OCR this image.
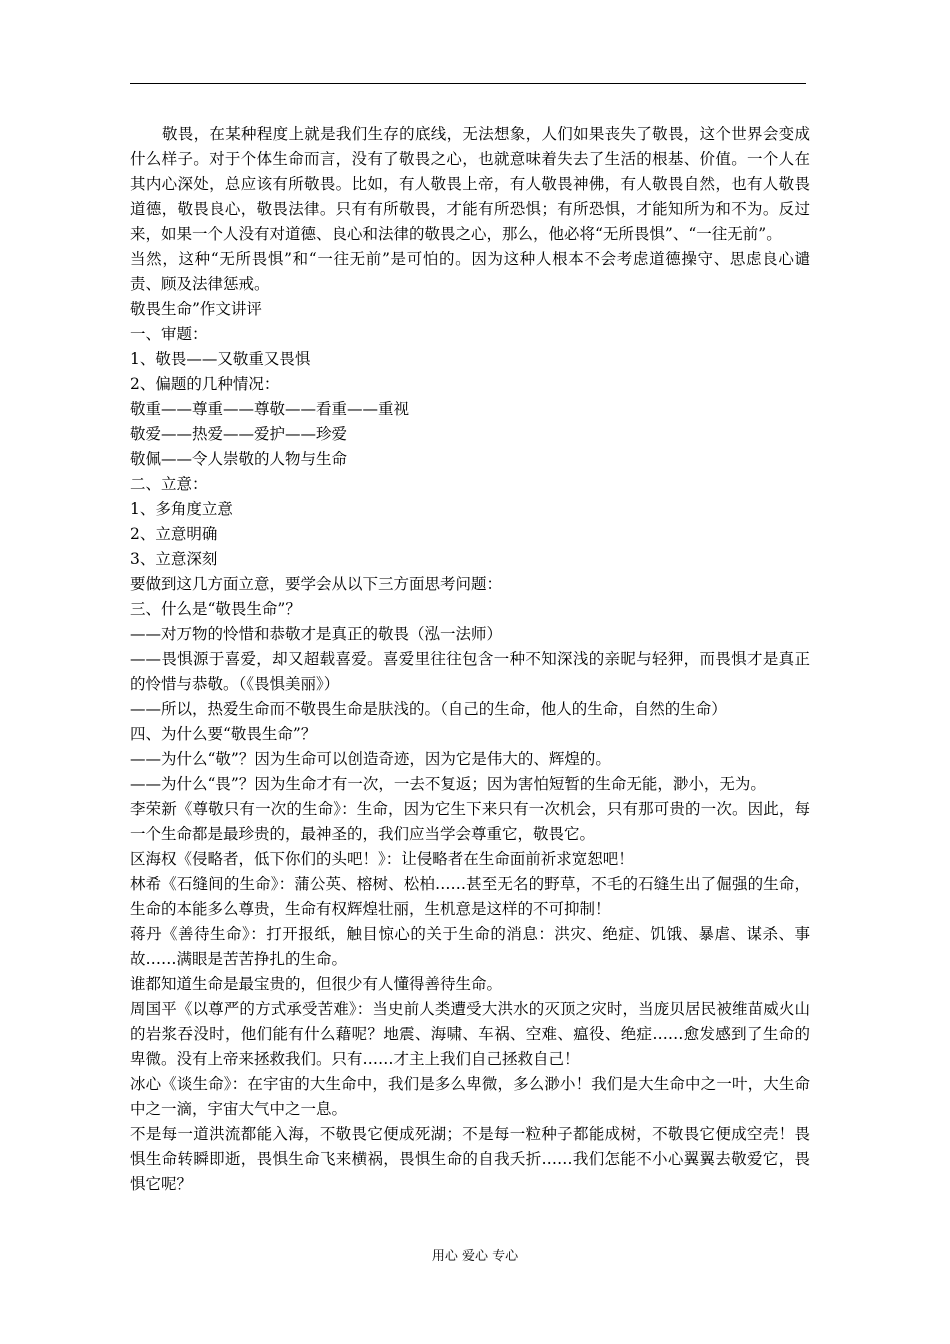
敬畏，在某种程度上就是我们生存的底线，无法想象，人们如果丧失了敬畏，这个世界会变成什么样子。对于个体生命而言，没有了敬畏之心，也就意味着失去了生活的根基、价值。一个人在其内心深处，总应该有所敬畏。比如，有人敬畏上帝，有人敬畏神佛，有人敬畏自然，也有人敬畏道德，敬畏良心，敬畏法律。只有有所敬畏，才能有所恐惧；有所恐惧，才能知所为和不为。反过来，如果一个人没有对道德、良心和法律的敬畏之心，那么，他必将“无所畏惧”、“一往无前”。

当然，这种“无所畏惧”和“一往无前”是可怕的。因为这种人根本不会考虑道德操守、思虑良心谴责、顾及法律惩戒。

敬畏生命”作文讲评

一、审题：

1、敬畏——又敬重又畏惧

2、偏题的几种情况：

敬重——尊重——尊敬——看重——重视

敬爱——热爱——爱护——珍爱

敬佩——令人崇敬的人物与生命

二、立意：

1、多角度立意

2、立意明确

3、立意深刻

要做到这几方面立意，要学会从以下三方面思考问题：

三、什么是“敬畏生命”？

——对万物的怜惜和恭敬才是真正的敬畏（泓一法师）

——畏惧源于喜爱，却又超载喜爱。喜爱里往往包含一种不知深浅的亲昵与轻狎，而畏惧才是真正的怜惜与恭敬。（《畏惧美丽》）

——所以，热爱生命而不敬畏生命是肤浅的。（自己的生命，他人的生命，自然的生命）

四、为什么要“敬畏生命”？

——为什么“敬”？因为生命可以创造奇迹，因为它是伟大的、辉煌的。

——为什么“畏”？因为生命才有一次，一去不复返；因为害怕短暂的生命无能，渺小，无为。

李荣新《尊敬只有一次的生命》：生命，因为它生下来只有一次机会，只有那可贵的一次。因此，每一个生命都是最珍贵的，最神圣的，我们应当学会尊重它，敬畏它。

区海权《侵略者，低下你们的头吧！》：让侵略者在生命面前祈求宽恕吧！

林希《石缝间的生命》：蒲公英、榕树、松柏……甚至无名的野草，不毛的石缝生出了倔强的生命，生命的本能多么尊贵，生命有权辉煌壮丽，生机意是这样的不可抑制！

蒋丹《善待生命》：打开报纸，触目惊心的关于生命的消息：洪灾、绝症、饥饿、暴虐、谋杀、事故……满眼是苦苦挣扎的生命。

谁都知道生命是最宝贵的，但很少有人懂得善待生命。

周国平《以尊严的方式承受苦难》：当史前人类遭受大洪水的灭顶之灾时，当庞贝居民被维苗威火山的岩浆吞没时，他们能有什么藉呢？地震、海啸、车祸、空难、瘟役、绝症……愈发感到了生命的卑微。没有上帝来拯救我们。只有……才主上我们自己拯救自己！

冰心《谈生命》：在宇宙的大生命中，我们是多么卑微，多么渺小！我们是大生命中之一叶，大生命中之一滴，宇宙大气中之一息。

不是每一道洪流都能入海，不敬畏它便成死湖；不是每一粒种子都能成树，不敬畏它便成空壳！畏惧生命转瞬即逝，畏惧生命飞来横祸，畏惧生命的自我夭折……我们怎能不小心翼翼去敬爱它，畏惧它呢？

用心 爱心 专心
